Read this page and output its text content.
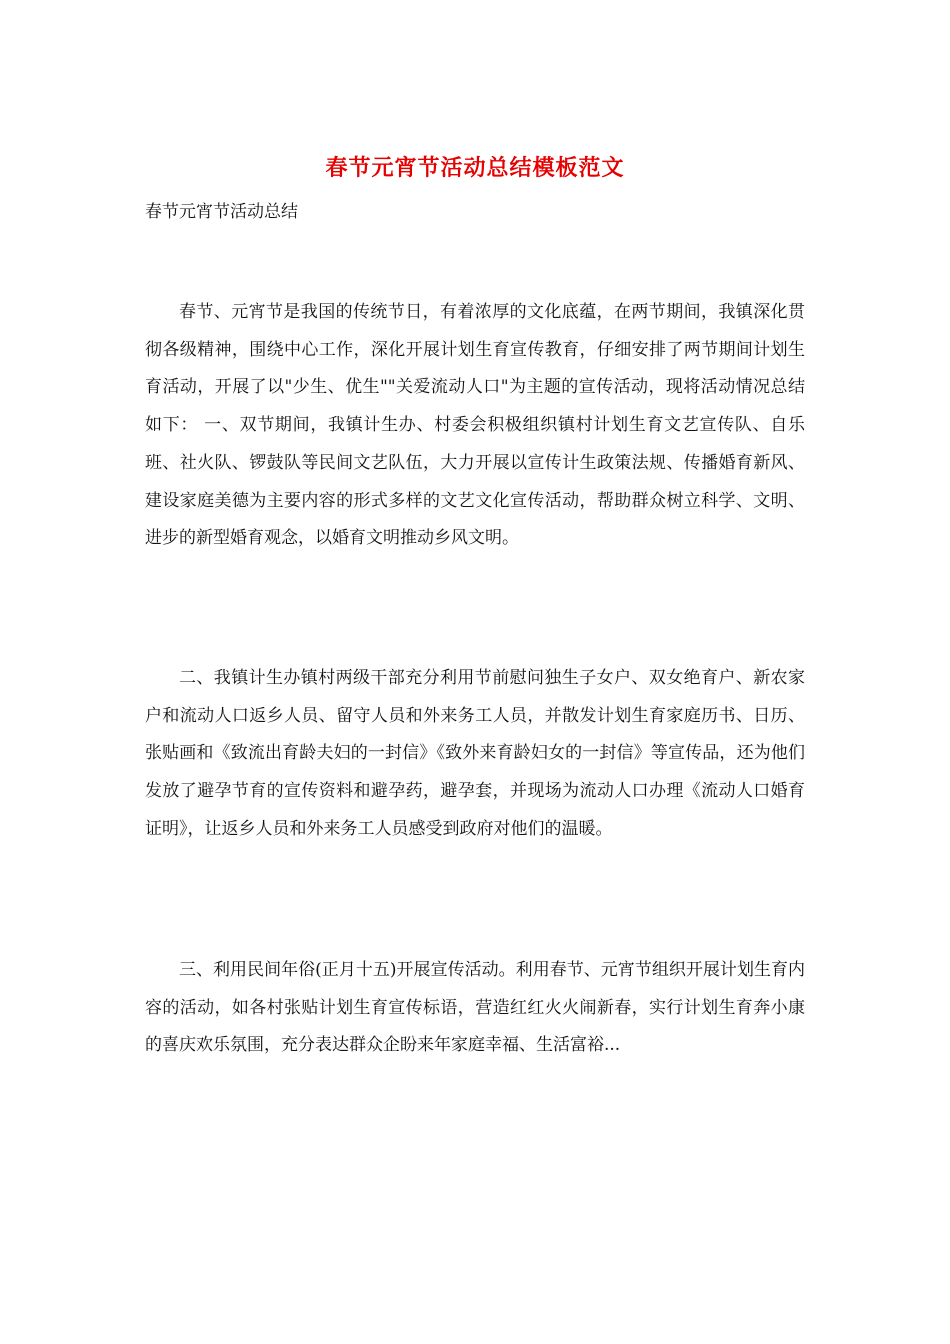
春节元宵节活动总结模板范文
春节元宵节活动总结

春节、元宵节是我国的传统节日，有着浓厚的文化底蕴，在两节期间，我镇深化贯彻各级精神，围绕中心工作，深化开展计划生育宣传教育，仔细安排了两节期间计划生育活动，开展了以"少生、优生""关爱流动人口"为主题的宣传活动，现将活动情况总结如下： 一、双节期间，我镇计生办、村委会积极组织镇村计划生育文艺宣传队、自乐班、社火队、锣鼓队等民间文艺队伍，大力开展以宣传计生政策法规、传播婚育新风、建设家庭美德为主要内容的形式多样的文艺文化宣传活动，帮助群众树立科学、文明、进步的新型婚育观念，以婚育文明推动乡风文明。

二、我镇计生办镇村两级干部充分利用节前慰问独生子女户、双女绝育户、新农家户和流动人口返乡人员、留守人员和外来务工人员，并散发计划生育家庭历书、日历、张贴画和《致流出育龄夫妇的一封信》《致外来育龄妇女的一封信》等宣传品，还为他们发放了避孕节育的宣传资料和避孕药，避孕套，并现场为流动人口办理《流动人口婚育证明》，让返乡人员和外来务工人员感受到政府对他们的温暖。

三、利用民间年俗(正月十五)开展宣传活动。利用春节、元宵节组织开展计划生育内容的活动，如各村张贴计划生育宣传标语，营造红红火火闹新春，实行计划生育奔小康的喜庆欢乐氛围，充分表达群众企盼来年家庭幸福、生活富裕...
